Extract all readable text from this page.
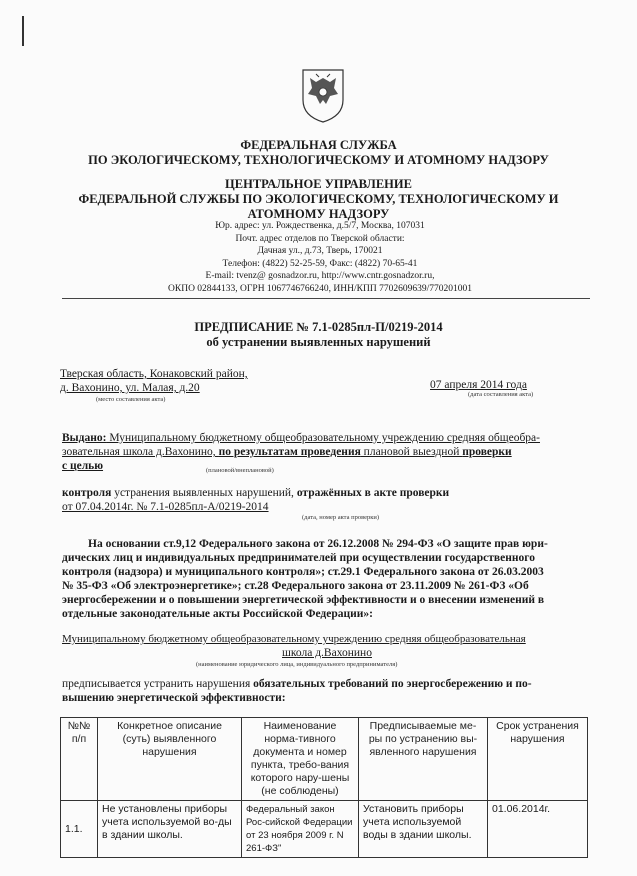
ФЕДЕРАЛЬНАЯ СЛУЖБА
ПО ЭКОЛОГИЧЕСКОМУ, ТЕХНОЛОГИЧЕСКОМУ И АТОМНОМУ НАДЗОРУ
ЦЕНТРАЛЬНОЕ УПРАВЛЕНИЕ
ФЕДЕРАЛЬНОЙ СЛУЖБЫ ПО ЭКОЛОГИЧЕСКОМУ, ТЕХНОЛОГИЧЕСКОМУ И
АТОМНОМУ НАДЗОРУ
Юр. адрес: ул. Рождественка, д.5/7, Москва, 107031
Почт. адрес отделов по Тверской области:
Дачная ул., д.73, Тверь, 170021
Телефон: (4822) 52-25-59, Факс: (4822) 70-65-41
E-mail: tvenz@ gosnadzor.ru, http://www.cntr.gosnadzor.ru,
ОКПО 02844133, ОГРН 1067746766240, ИНН/КПП 7702609639/770201001
ПРЕДПИСАНИЕ № 7.1-0285пл-П/0219-2014
об устранении выявленных нарушений
Тверская область, Конаковский район,
д. Вахонино, ул. Малая, д.20
(место составления акта)
07 апреля 2014 года
(дата составления акта)
Выдано: Муниципальному бюджетному общеобразовательному учреждению средняя общеобра-
зовательная школа д.Вахонино, по результатам проведения плановой выездной проверки
с целью	(плановой/внеплановой)
контроля устранения выявленных нарушений, отражённых в акте проверки
от 07.04.2014г. № 7.1-0285пл-А/0219-2014
(дата, номер акта проверки)
На основании ст.9,12 Федерального закона от 26.12.2008 № 294-ФЗ «О защите прав юри-
дических лиц и индивидуальных предпринимателей при осуществлении государственного
контроля (надзора) и муниципального контроля»; ст.29.1 Федерального закона от 26.03.2003
№ 35-ФЗ «Об электроэнергетике»; ст.28 Федерального закона от 23.11.2009 № 261-ФЗ «Об
энергосбережении и о повышении энергетической эффективности и о внесении изменений в
отдельные законодательные акты Российской Федерации»:
Муниципальному бюджетному общеобразовательному учреждению средняя общеобразовательная
школа д.Вахонино
(наименование юридического лица, индивидуального предпринимателя)
предписывается устранить нарушения обязательных требований по энергосбережению и по-
вышению энергетической эффективности:
№№ п/п	Конкретное описание (суть) выявленного нарушения	Наименование норма-тивного документа и номер пункта, требо-вания которого нару-шены (не соблюдены)	Предписываемые ме-ры по устранению вы-явленного нарушения	Срок устранения нарушения
1.1.	Не установлены приборы учета используемой во-ды в здании школы.	Федеральный закон Рос-сийской Федерации от 23 ноября 2009 г. N 261-ФЗ"	Установить приборы учета используемой воды в здании школы.	01.06.2014г.
